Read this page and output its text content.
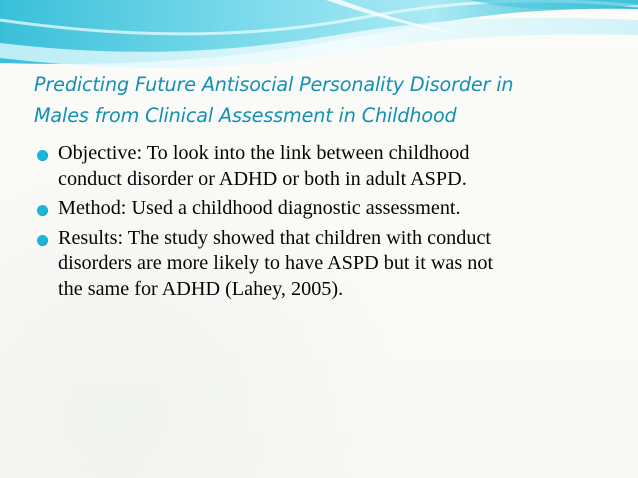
Predicting Future Antisocial Personality Disorder in
Males from Clinical Assessment in Childhood
Objective: To look into the link between childhood
conduct disorder or ADHD or both in adult ASPD.
Method: Used a childhood diagnostic assessment.
Results: The study showed that children with conduct
disorders are more likely to have ASPD but it was not
the same for ADHD (Lahey, 2005).
